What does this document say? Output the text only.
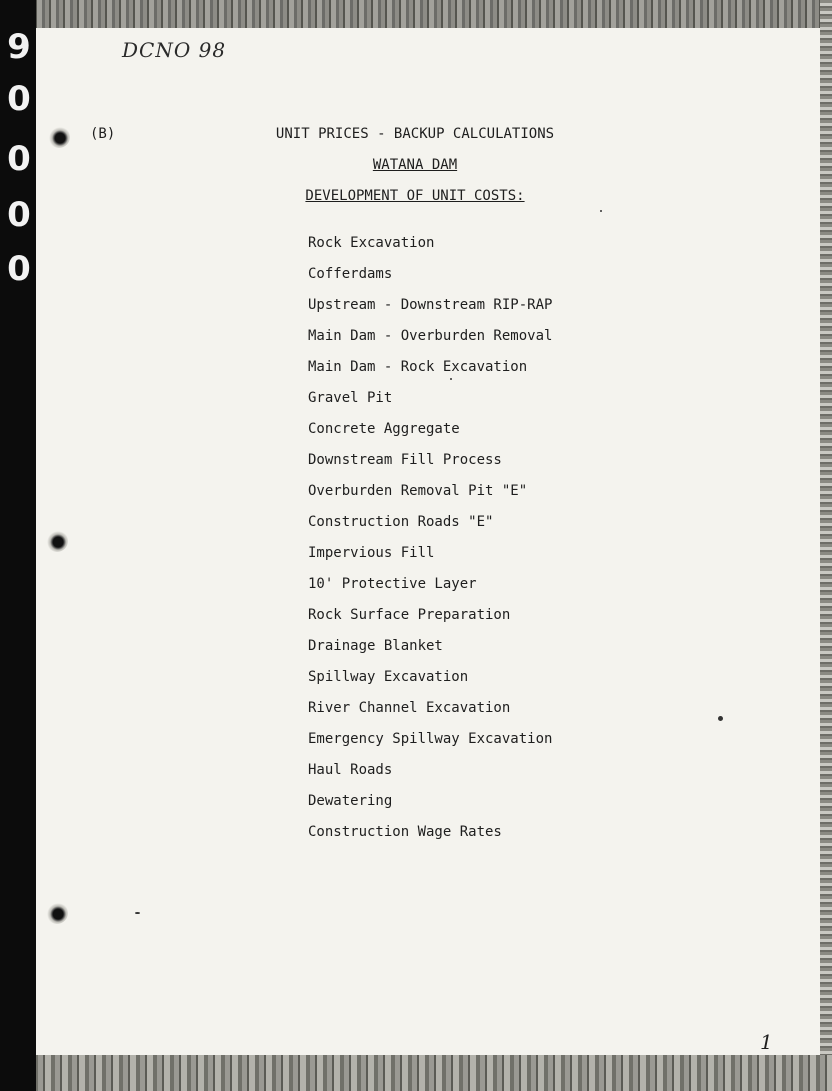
9
0
0
0
0
DCNO 98
(B)	UNIT PRICES - BACKUP CALCULATIONS
WATANA DAM
DEVELOPMENT OF UNIT COSTS:
Rock Excavation
Cofferdams
Upstream - Downstream RIP-RAP
Main Dam - Overburden Removal
Main Dam - Rock Excavation
Gravel Pit
Concrete Aggregate
Downstream Fill Process
Overburden Removal Pit "E"
Construction Roads "E"
Impervious Fill
10' Protective Layer
Rock Surface Preparation
Drainage Blanket
Spillway Excavation
River Channel Excavation
Emergency Spillway Excavation
Haul Roads
Dewatering
Construction Wage Rates
1
